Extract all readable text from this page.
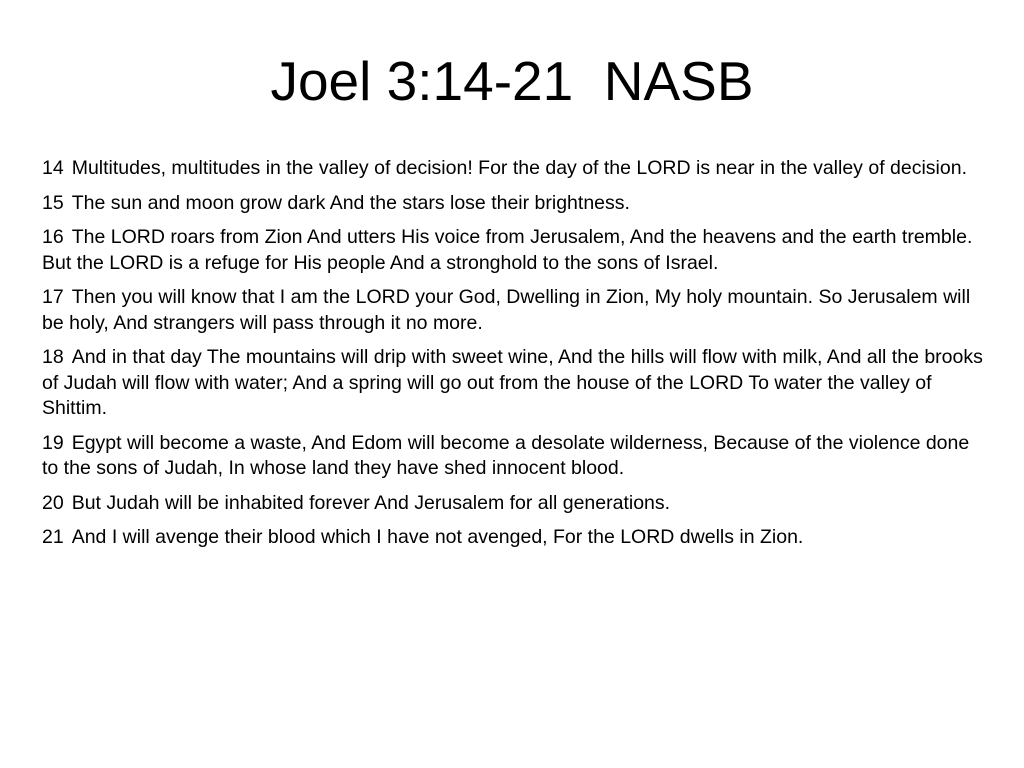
Joel 3:14-21  NASB
14 Multitudes, multitudes in the valley of decision! For the day of the LORD is near in the valley of decision.
15 The sun and moon grow dark And the stars lose their brightness.
16 The LORD roars from Zion And utters His voice from Jerusalem, And the heavens and the earth tremble. But the LORD is a refuge for His people And a stronghold to the sons of Israel.
17 Then you will know that I am the LORD your God, Dwelling in Zion, My holy mountain. So Jerusalem will be holy, And strangers will pass through it no more.
18 And in that day The mountains will drip with sweet wine, And the hills will flow with milk, And all the brooks of Judah will flow with water; And a spring will go out from the house of the LORD To water the valley of Shittim.
19 Egypt will become a waste, And Edom will become a desolate wilderness, Because of the violence done to the sons of Judah, In whose land they have shed innocent blood.
20 But Judah will be inhabited forever And Jerusalem for all generations.
21 And I will avenge their blood which I have not avenged, For the LORD dwells in Zion.
